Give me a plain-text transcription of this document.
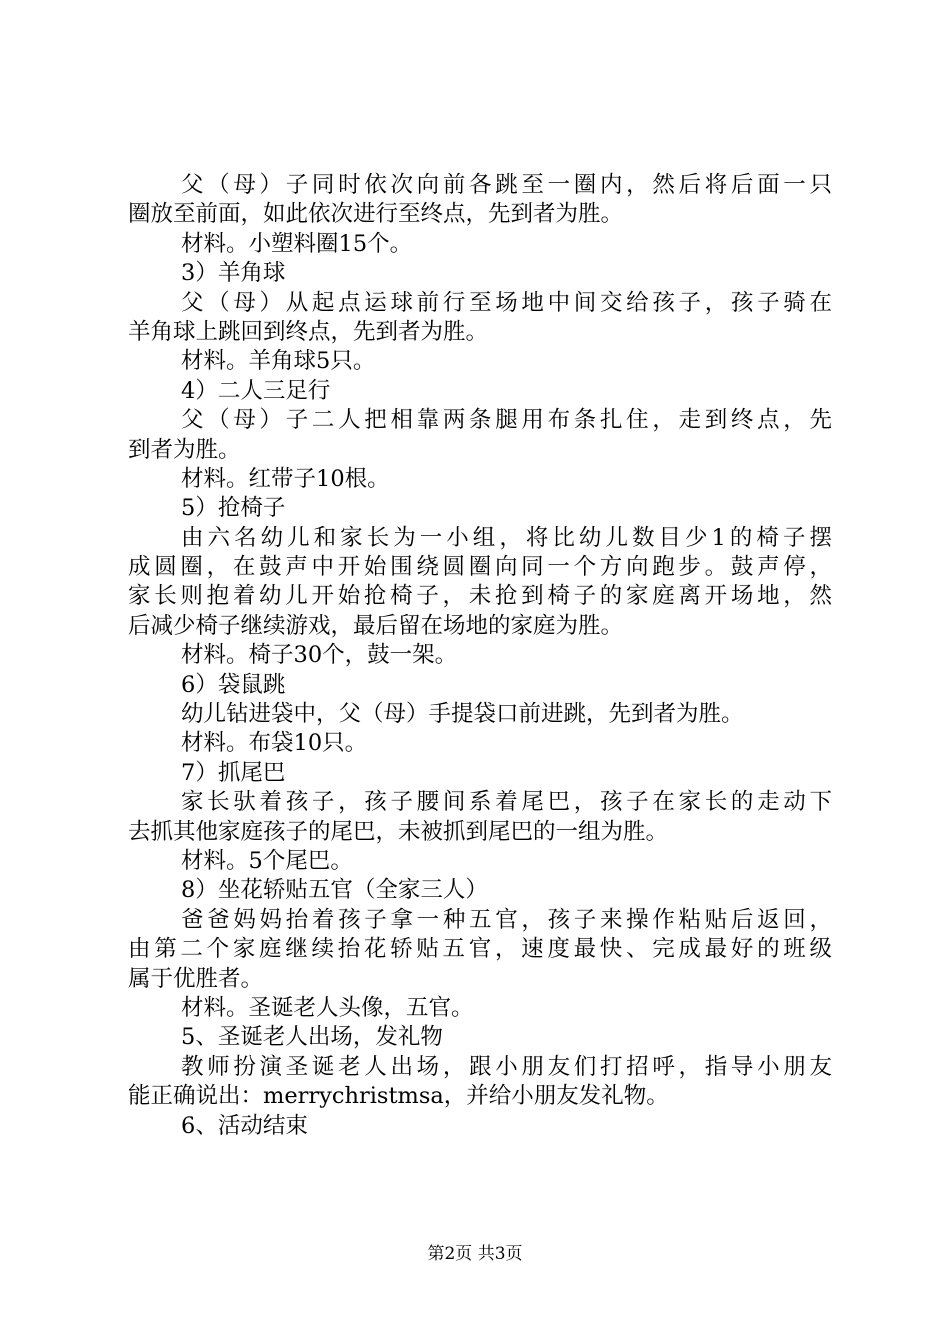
父（母）子同时依次向前各跳至一圈内，然后将后面一只
圈放至前面，如此依次进行至终点，先到者为胜。
材料。小塑料圈15个。
3）羊角球
父（母）从起点运球前行至场地中间交给孩子，孩子骑在
羊角球上跳回到终点，先到者为胜。
材料。羊角球5只。
4）二人三足行
父（母）子二人把相靠两条腿用布条扎住，走到终点，先
到者为胜。
材料。红带子10根。
5）抢椅子
由六名幼儿和家长为一小组，将比幼儿数目少1的椅子摆
成圆圈，在鼓声中开始围绕圆圈向同一个方向跑步。鼓声停，
家长则抱着幼儿开始抢椅子，未抢到椅子的家庭离开场地，然
后减少椅子继续游戏，最后留在场地的家庭为胜。
材料。椅子30个，鼓一架。
6）袋鼠跳
幼儿钻进袋中，父（母）手提袋口前进跳，先到者为胜。
材料。布袋10只。
7）抓尾巴
家长驮着孩子，孩子腰间系着尾巴，孩子在家长的走动下
去抓其他家庭孩子的尾巴，未被抓到尾巴的一组为胜。
材料。5个尾巴。
8）坐花轿贴五官（全家三人）
爸爸妈妈抬着孩子拿一种五官，孩子来操作粘贴后返回，
由第二个家庭继续抬花轿贴五官，速度最快、完成最好的班级
属于优胜者。
材料。圣诞老人头像，五官。
5、圣诞老人出场，发礼物
教师扮演圣诞老人出场，跟小朋友们打招呼，指导小朋友
能正确说出：merrychristmsa，并给小朋友发礼物。
6、活动结束
第2页 共3页
